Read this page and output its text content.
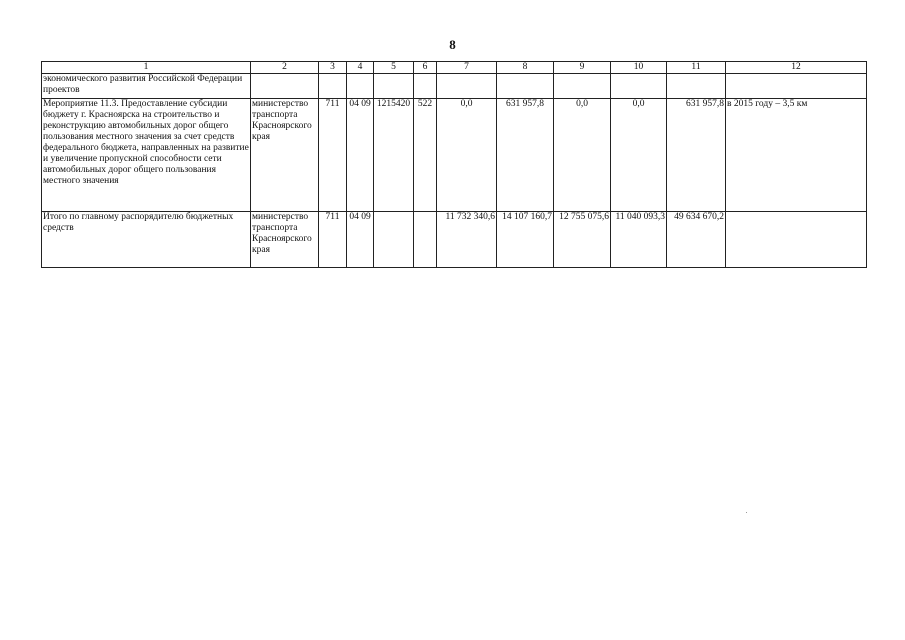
8
1	2	3	4	5	6	7	8	9	10	11	12
экономического развития Российской Федерации проектов											
Мероприятие 11.3. Предоставление субсидии бюджету г. Красноярска на строительство и реконструкцию автомобильных дорог общего пользования местного значения за счет средств федерального бюджета, направленных на развитие и увеличение пропускной способности сети автомобильных дорог общего пользования местного значения	министерство транспорта Красноярского края	711	04 09	1215420	522	0,0	631 957,8	0,0	0,0	631 957,8	в 2015 году – 3,5 км
Итого по главному распорядителю бюджетных средств	министерство транспорта Красноярского края	711	04 09			11 732 340,6	14 107 160,7	12 755 075,6	11 040 093,3	49 634 670,2	
